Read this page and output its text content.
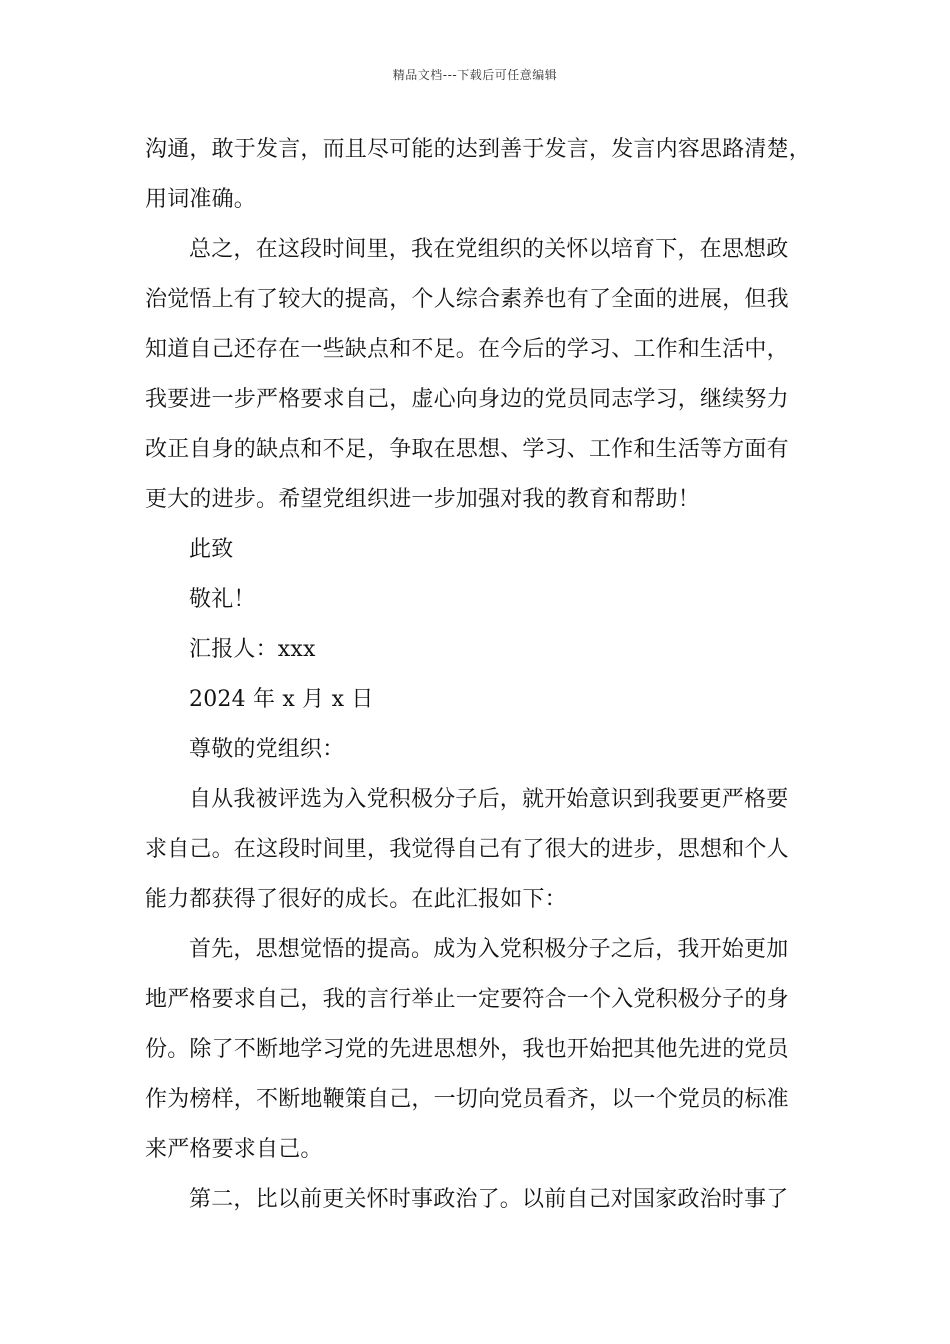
精品文档---下载后可任意编辑
沟通，敢于发言，而且尽可能的达到善于发言，发言内容思路清楚，
用词准确。
总之，在这段时间里，我在党组织的关怀以培育下，在思想政
治觉悟上有了较大的提高，个人综合素养也有了全面的进展，但我
知道自己还存在一些缺点和不足。在今后的学习、工作和生活中，
我要进一步严格要求自己，虚心向身边的党员同志学习，继续努力
改正自身的缺点和不足，争取在思想、学习、工作和生活等方面有
更大的进步。希望党组织进一步加强对我的教育和帮助！
此致
敬礼！
汇报人：xxx
2024 年 x 月 x 日
尊敬的党组织：
自从我被评选为入党积极分子后，就开始意识到我要更严格要
求自己。在这段时间里，我觉得自己有了很大的进步，思想和个人
能力都获得了很好的成长。在此汇报如下：
首先，思想觉悟的提高。成为入党积极分子之后，我开始更加
地严格要求自己，我的言行举止一定要符合一个入党积极分子的身
份。除了不断地学习党的先进思想外，我也开始把其他先进的党员
作为榜样，不断地鞭策自己，一切向党员看齐，以一个党员的标准
来严格要求自己。
第二，比以前更关怀时事政治了。以前自己对国家政治时事了
